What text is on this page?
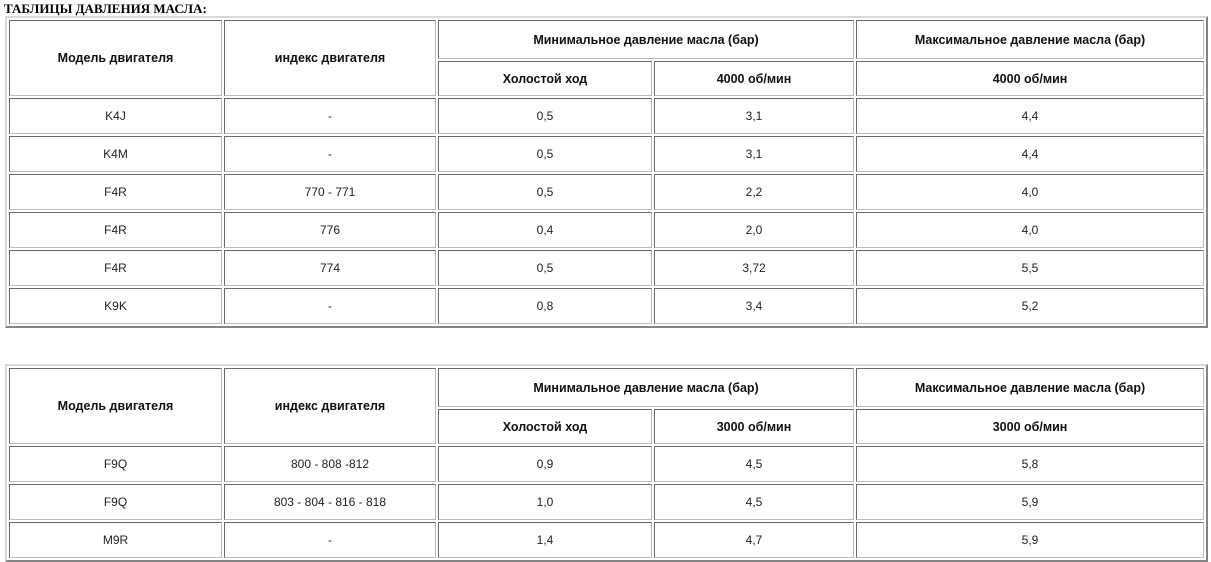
ТАБЛИЦЫ ДАВЛЕНИЯ МАСЛА:
Модель двигателя	индекс двигателя	Минимальное давление масла (бар)		Максимальное давление масла (бар)
		Холостой ход	4000 об/мин	4000 об/мин
K4J	-	0,5	3,1	4,4
K4M	-	0,5	3,1	4,4
F4R	770 - 771	0,5	2,2	4,0
F4R	776	0,4	2,0	4,0
F4R	774	0,5	3,72	5,5
K9K	-	0,8	3,4	5,2
Модель двигателя	индекс двигателя	Минимальное давление масла (бар)		Максимальное давление масла (бар)
		Холостой ход	3000 об/мин	3000 об/мин
F9Q	800 - 808 -812	0,9	4,5	5,8
F9Q	803 - 804 - 816 - 818	1,0	4,5	5,9
M9R	-	1,4	4,7	5,9
